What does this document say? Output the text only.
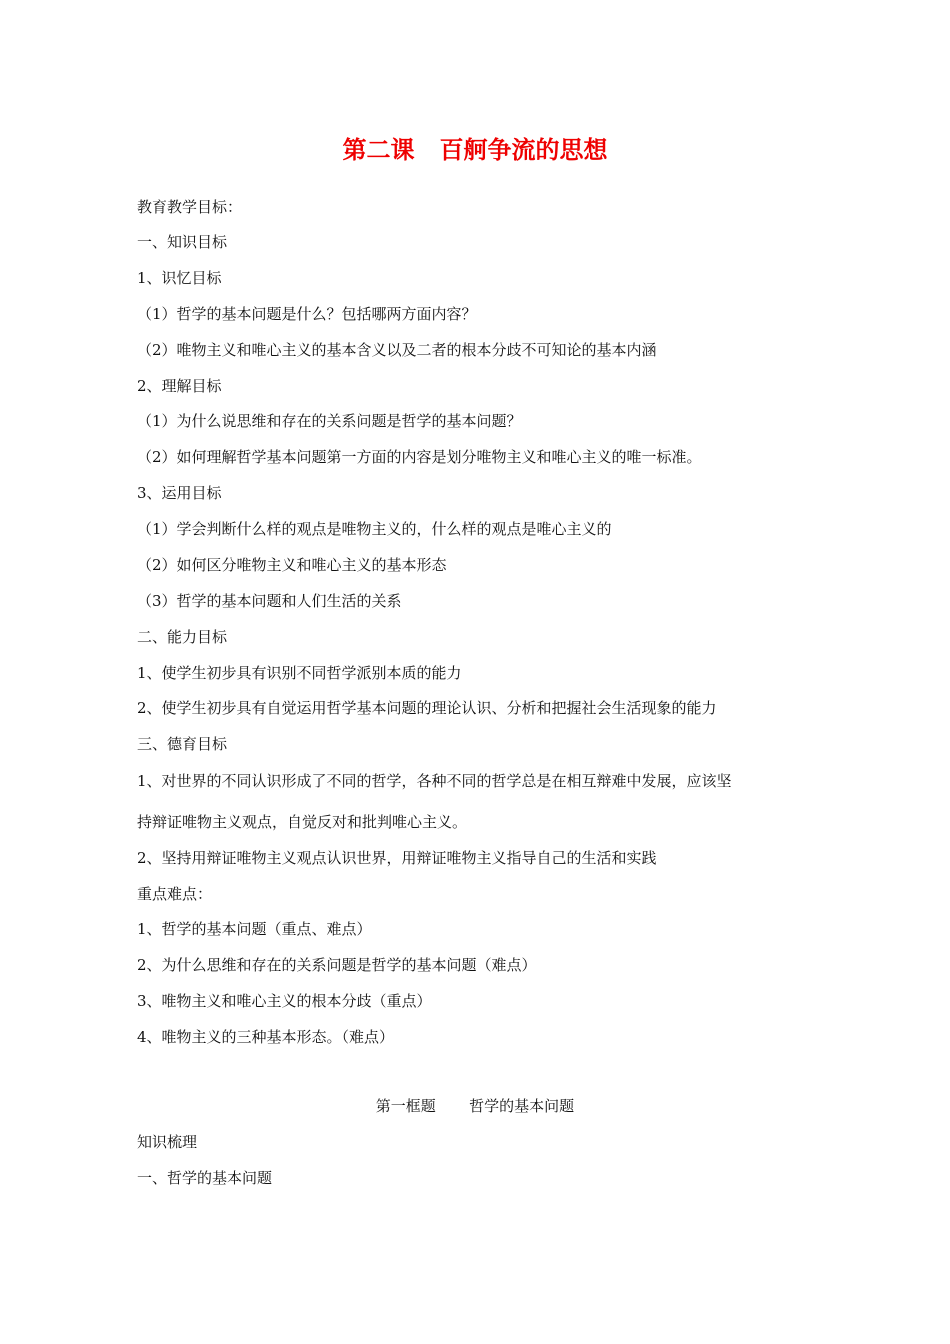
第二课   百舸争流的思想

教育教学目标：

一、知识目标

1、识忆目标

（1）哲学的基本问题是什么？包括哪两方面内容？

（2）唯物主义和唯心主义的基本含义以及二者的根本分歧不可知论的基本内涵

2、理解目标

（1）为什么说思维和存在的关系问题是哲学的基本问题？

（2）如何理解哲学基本问题第一方面的内容是划分唯物主义和唯心主义的唯一标准。

3、运用目标

（1）学会判断什么样的观点是唯物主义的，什么样的观点是唯心主义的

（2）如何区分唯物主义和唯心主义的基本形态

（3）哲学的基本问题和人们生活的关系

二、能力目标

1、使学生初步具有识别不同哲学派别本质的能力

2、使学生初步具有自觉运用哲学基本问题的理论认识、分析和把握社会生活现象的能力

三、德育目标

1、对世界的不同认识形成了不同的哲学，各种不同的哲学总是在相互辩难中发展，应该坚

持辩证唯物主义观点，自觉反对和批判唯心主义。

2、坚持用辩证唯物主义观点认识世界，用辩证唯物主义指导自己的生活和实践

重点难点：

1、哲学的基本问题（重点、难点）

2、为什么思维和存在的关系问题是哲学的基本问题（难点）

3、唯物主义和唯心主义的根本分歧（重点）

4、唯物主义的三种基本形态。（难点）

第一框题       哲学的基本问题

知识梳理

一、哲学的基本问题
